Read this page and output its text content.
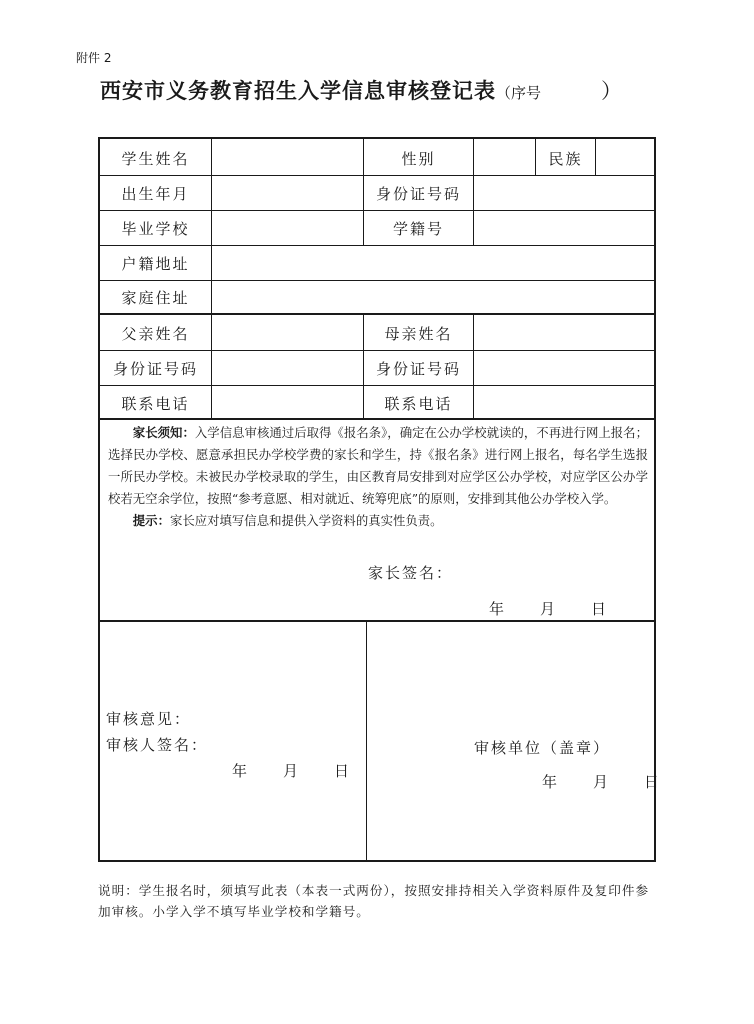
附件 2
西安市义务教育招生入学信息审核登记表（序号	）
学生姓名	性别	民族
出生年月	身份证号码
毕业学校	学籍号
户籍地址
家庭住址
父亲姓名	母亲姓名
身份证号码	身份证号码
联系电话	联系电话

家长须知：入学信息审核通过后取得《报名条》，确定在公办学校就读的，不再进行网上报名；选择民办学校、愿意承担民办学校学费的家长和学生，持《报名条》进行网上报名，每名学生选报一所民办学校。未被民办学校录取的学生，由区教育局安排到对应学区公办学校，对应学区公办学校若无空余学位，按照“参考意愿、相对就近、统筹兜底”的原则，安排到其他公办学校入学。

提示：家长应对填写信息和提供入学资料的真实性负责。

家长签名：
年　　月　　日
审核意见：
审核人签名：
年　　月　　日
审核单位（盖章）
年　　月　　日
说明：学生报名时，须填写此表（本表一式两份），按照安排持相关入学资料原件及复印件参加审核。小学入学不填写毕业学校和学籍号。
